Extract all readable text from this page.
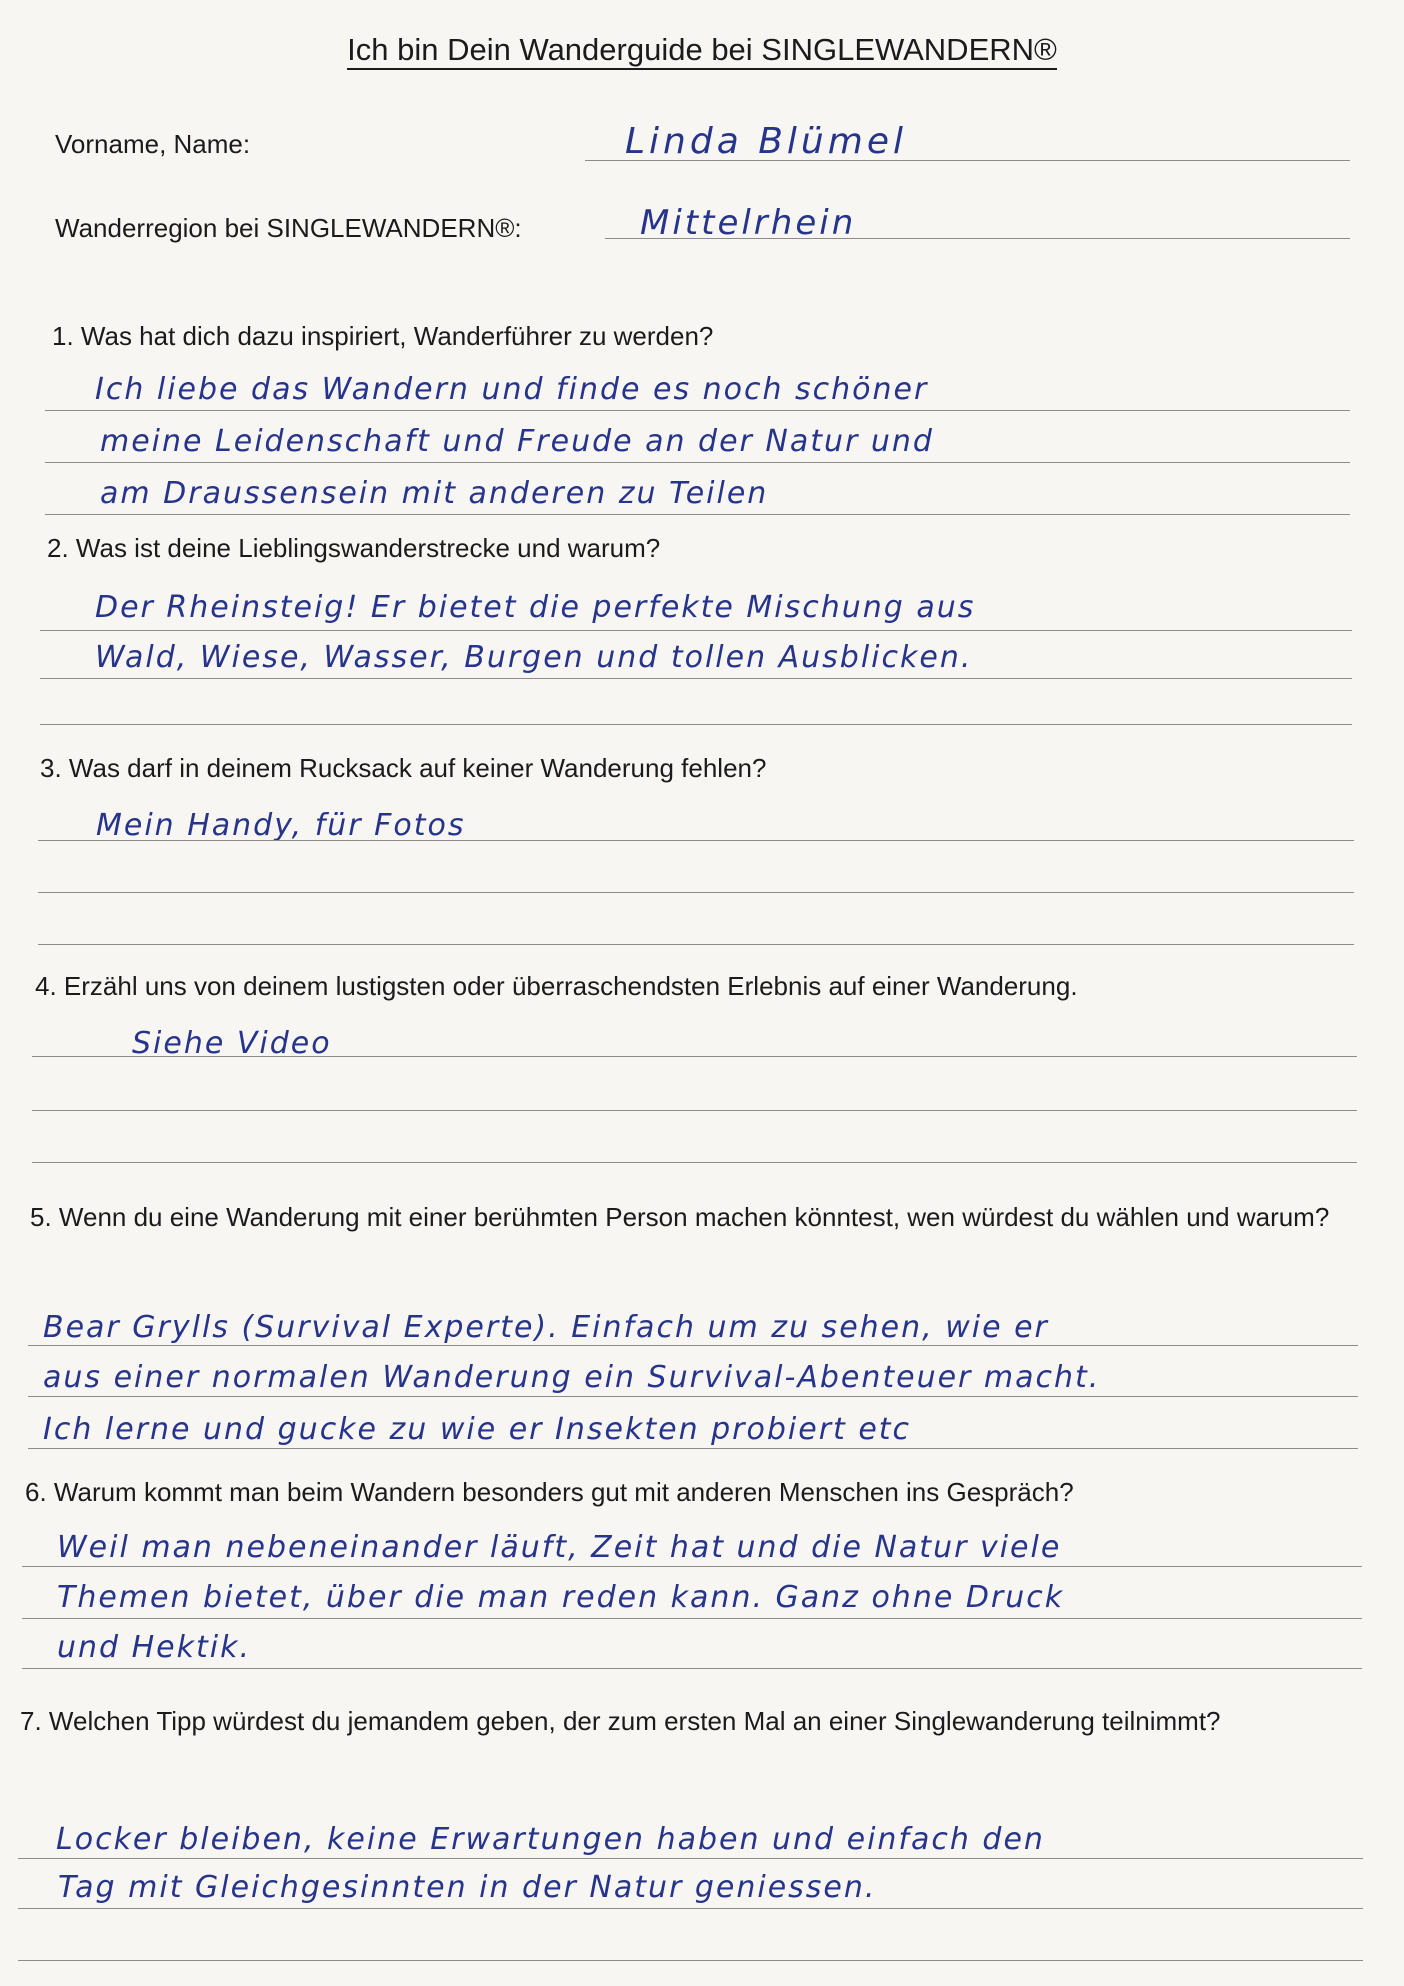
Ich bin Dein Wanderguide bei SINGLEWANDERN®
Vorname, Name:	Linda Blümel
Wanderregion bei SINGLEWANDERN®:	Mittelrhein
1. Was hat dich dazu inspiriert, Wanderführer zu werden?
Ich liebe das Wandern und finde es noch schöner
meine Leidenschaft und Freude an der Natur und
am Draussensein mit anderen zu Teilen
2. Was ist deine Lieblingswanderstrecke und warum?
Der Rheinsteig! Er bietet die perfekte Mischung aus
Wald, Wiese, Wasser, Burgen und tollen Ausblicken.
3. Was darf in deinem Rucksack auf keiner Wanderung fehlen?
Mein Handy, für Fotos
4. Erzähl uns von deinem lustigsten oder überraschendsten Erlebnis auf einer Wanderung.
Siehe Video
5. Wenn du eine Wanderung mit einer berühmten Person machen könntest, wen würdest du wählen und warum?
Bear Grylls (Survival Experte). Einfach um zu sehen, wie er
aus einer normalen Wanderung ein Survival-Abenteuer macht.
Ich lerne und gucke zu wie er Insekten probiert etc
6. Warum kommt man beim Wandern besonders gut mit anderen Menschen ins Gespräch?
Weil man nebeneinander läuft, Zeit hat und die Natur viele
Themen bietet, über die man reden kann. Ganz ohne Druck
und Hektik.
7. Welchen Tipp würdest du jemandem geben, der zum ersten Mal an einer Singlewanderung teilnimmt?
Locker bleiben, keine Erwartungen haben und einfach den
Tag mit Gleichgesinnten in der Natur geniessen.
